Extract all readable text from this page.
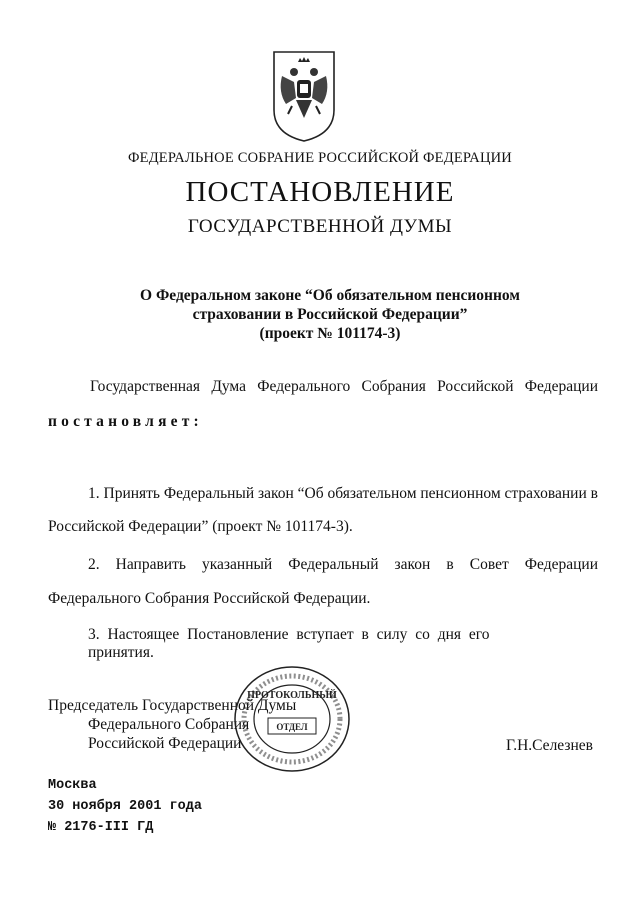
ФЕДЕРАЛЬНОЕ СОБРАНИЕ РОССИЙСКОЙ ФЕДЕРАЦИИ
ПОСТАНОВЛЕНИЕ
ГОСУДАРСТВЕННОЙ ДУМЫ
О Федеральном законе “Об обязательном пенсионном
страховании в Российской Федерации”
(проект № 101174-3)
Государственная Дума Федерального Собрания Российской Федерации
постановляет:
1. Принять Федеральный закон “Об обязательном пенсионном страховании в
Российской Федерации” (проект № 101174-3).
2. Направить указанный Федеральный закон в Совет Федерации
Федерального Собрания Российской Федерации.
3. Настоящее Постановление вступает в силу со дня его принятия.
Председатель Государственной Думы
Федерального Собрания
Российской Федерации	Г.Н.Селезнев
ПРОТОКОЛЬНЫЙ
ОТДЕЛ
Москва
30 ноября 2001 года
№ 2176-III ГД
